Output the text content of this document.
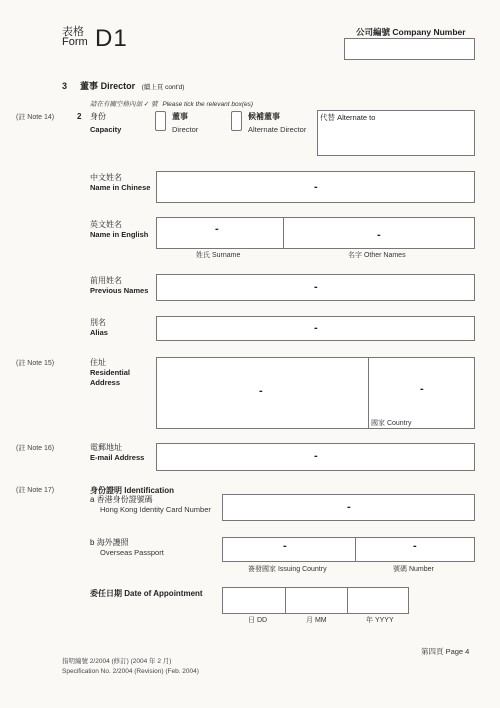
表格
Form D1	公司編號 Company Number
3 董事 Director (續上頁 cont'd)
請在有關空格內加 ✓ 號 Please tick the relevant box(es)
(註 Note 14)	2 身份
Capacity
董事
Director
候補董事
Alternate Director
代替 Alternate to
中文姓名
Name in Chinese	-
英文姓名
Name in English	-	-
姓氏 Surname	名字 Other Names
前用姓名
Previous Names	-
別名
Alias	-
(註 Note 15)	住址
Residential
Address
-	-
國家 Country
(註 Note 16)	電郵地址
E-mail Address	-
(註 Note 17)	身份證明 Identification
a 香港身份證號碼
Hong Kong Identity Card Number	-
b 海外護照
Overseas Passport
-	-
簽發國家 Issuing Country	號碼 Number
委任日期 Date of Appointment
日 DD	月 MM	年 YYYY
第四頁 Page 4
指明編號 2/2004 (修訂) (2004 年 2 月)
Specification No. 2/2004 (Revision) (Feb. 2004)
